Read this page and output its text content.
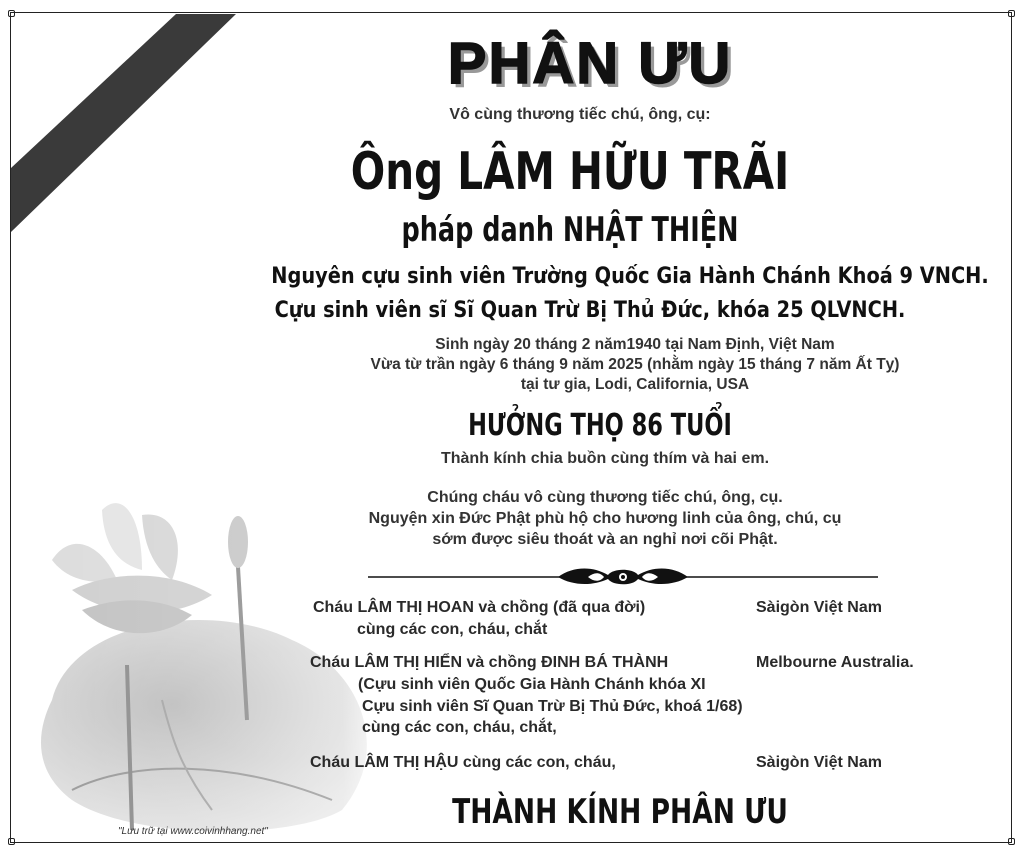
PHÂN ƯU
Vô cùng thương tiếc chú, ông, cụ:
Ông LÂM HỮU TRÃI
pháp danh NHẬT THIỆN
Nguyên cựu sinh viên Trường Quốc Gia Hành Chánh Khoá 9 VNCH.
Cựu sinh viên sĩ Sĩ Quan Trừ Bị Thủ Đức, khóa 25 QLVNCH.
Sinh ngày 20 tháng 2 năm1940 tại Nam Định, Việt Nam
Vừa từ trần ngày 6 tháng 9 năm 2025 (nhằm ngày 15 tháng 7 năm Ất Tỵ)
tại tư gia, Lodi, California, USA
HƯỞNG THỌ 86 TUỔI
Thành kính chia buồn cùng thím và hai em.
Chúng cháu vô cùng thương tiếc chú, ông, cụ.
Nguyện xin Đức Phật phù hộ cho hương linh của ông, chú, cụ
sớm được siêu thoát và an nghỉ nơi cõi Phật.
Cháu LÂM THỊ HOAN và chồng (đã qua đời)	Sàigòn Việt Nam
cùng các con, cháu, chắt
Cháu LÂM THỊ HIỂN và chồng ĐINH BÁ THÀNH	Melbourne Australia.
(Cựu sinh viên Quốc Gia Hành Chánh khóa XI
Cựu sinh viên Sĩ Quan Trừ Bị Thủ Đức, khoá 1/68)
cùng các con, cháu, chắt,
Cháu LÂM THỊ HẬU cùng các con, cháu,	Sàigòn Việt Nam
THÀNH KÍNH PHÂN ƯU
"Lưu trữ tại www.coivinhhang.net"
